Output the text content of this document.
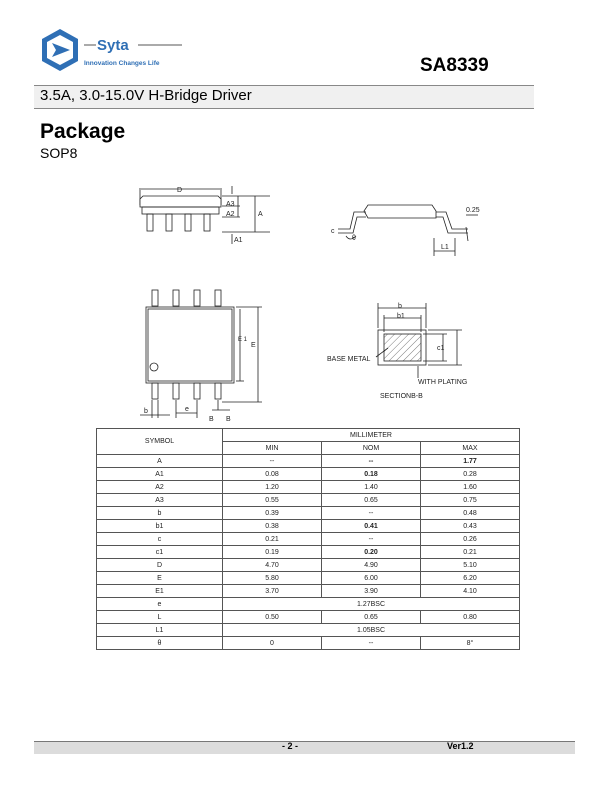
Syta
Innovation Changes Life	SA8339
3.5A, 3.0-15.0V H-Bridge Driver
Package
SOP8
D
A3
A2	A
A1
c
θ
0.25
L1
E 1
E
b	e
B B
b
b1
c1
BASE METAL
WITH PLATING
SECTIONB-B
SYMBOL	MILLIMETER		
	MIN	NOM	MAX
A	--	--	1.77
A1	0.08	0.18	0.28
A2	1.20	1.40	1.60
A3	0.55	0.65	0.75
b	0.39	--	0.48
b1	0.38	0.41	0.43
c	0.21	--	0.26
c1	0.19	0.20	0.21
D	4.70	4.90	5.10
E	5.80	6.00	6.20
E1	3.70	3.90	4.10
e	1.27BSC		
L	0.50	0.65	0.80
L1	1.05BSC		
θ	0	--	8°
- 2 -	Ver1.2
